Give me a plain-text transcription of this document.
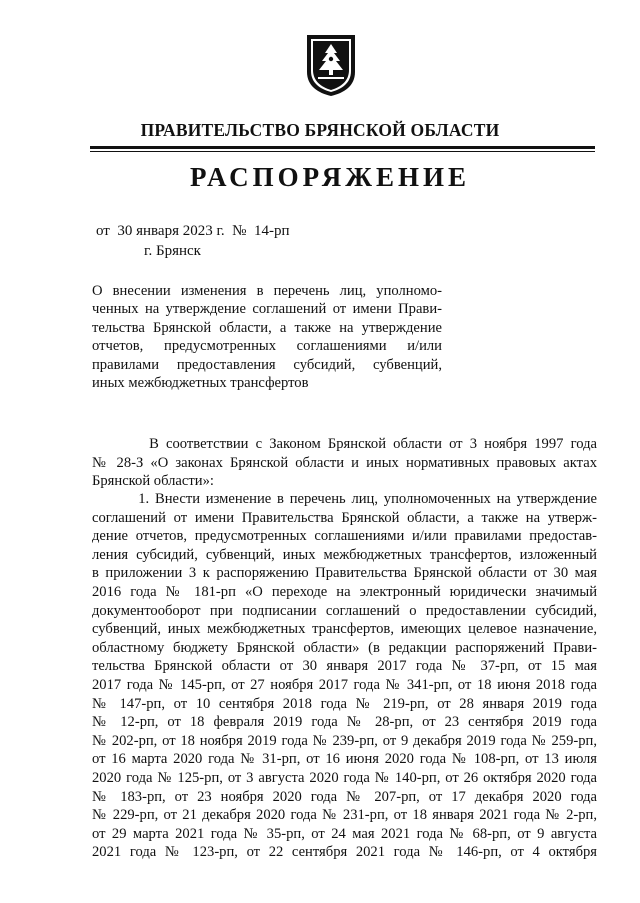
ПРАВИТЕЛЬСТВО БРЯНСКОЙ ОБЛАСТИ
РАСПОРЯЖЕНИЕ
от  30 января 2023 г.  №  14-рп
г. Брянск
О внесении изменения в перечень лиц, уполномо-
ченных на утверждение соглашений от имени Прави-
тельства Брянской области, а также на утверждение
отчетов, предусмотренных соглашениями и/или
правилами предоставления субсидий, субвенций,
иных межбюджетных трансфертов
В соответствии с Законом Брянской области от 3 ноября 1997 года
№ 28-З «О законах Брянской области и иных нормативных правовых актах
Брянской области»:
1. Внести изменение в перечень лиц, уполномоченных на утверждение
соглашений от имени Правительства Брянской области, а также на утверж-
дение отчетов, предусмотренных соглашениями и/или правилами предостав-
ления субсидий, субвенций, иных межбюджетных трансфертов, изложенный
в приложении 3 к распоряжению Правительства Брянской области от 30 мая
2016 года № 181-рп «О переходе на электронный юридически значимый
документооборот при подписании соглашений о предоставлении субсидий,
субвенций, иных межбюджетных трансфертов, имеющих целевое назначение,
областному бюджету Брянской области» (в редакции распоряжений Прави-
тельства Брянской области от 30 января 2017 года № 37-рп, от 15 мая
2017 года № 145-рп, от 27 ноября 2017 года № 341-рп, от 18 июня 2018 года
№ 147-рп, от 10 сентября 2018 года № 219-рп, от 28 января 2019 года
№ 12-рп, от 18 февраля 2019 года № 28-рп, от 23 сентября 2019 года
№ 202-рп, от 18 ноября 2019 года № 239-рп, от 9 декабря 2019 года № 259-рп,
от 16 марта 2020 года № 31-рп, от 16 июня 2020 года № 108-рп, от 13 июля
2020 года № 125-рп, от 3 августа 2020 года № 140-рп, от 26 октября 2020 года
№ 183-рп, от 23 ноября 2020 года № 207-рп, от 17 декабря 2020 года
№ 229-рп, от 21 декабря 2020 года № 231-рп, от 18 января 2021 года № 2-рп,
от 29 марта 2021 года № 35-рп, от 24 мая 2021 года № 68-рп, от 9 августа
2021 года № 123-рп, от 22 сентября 2021 года № 146-рп, от 4 октября
